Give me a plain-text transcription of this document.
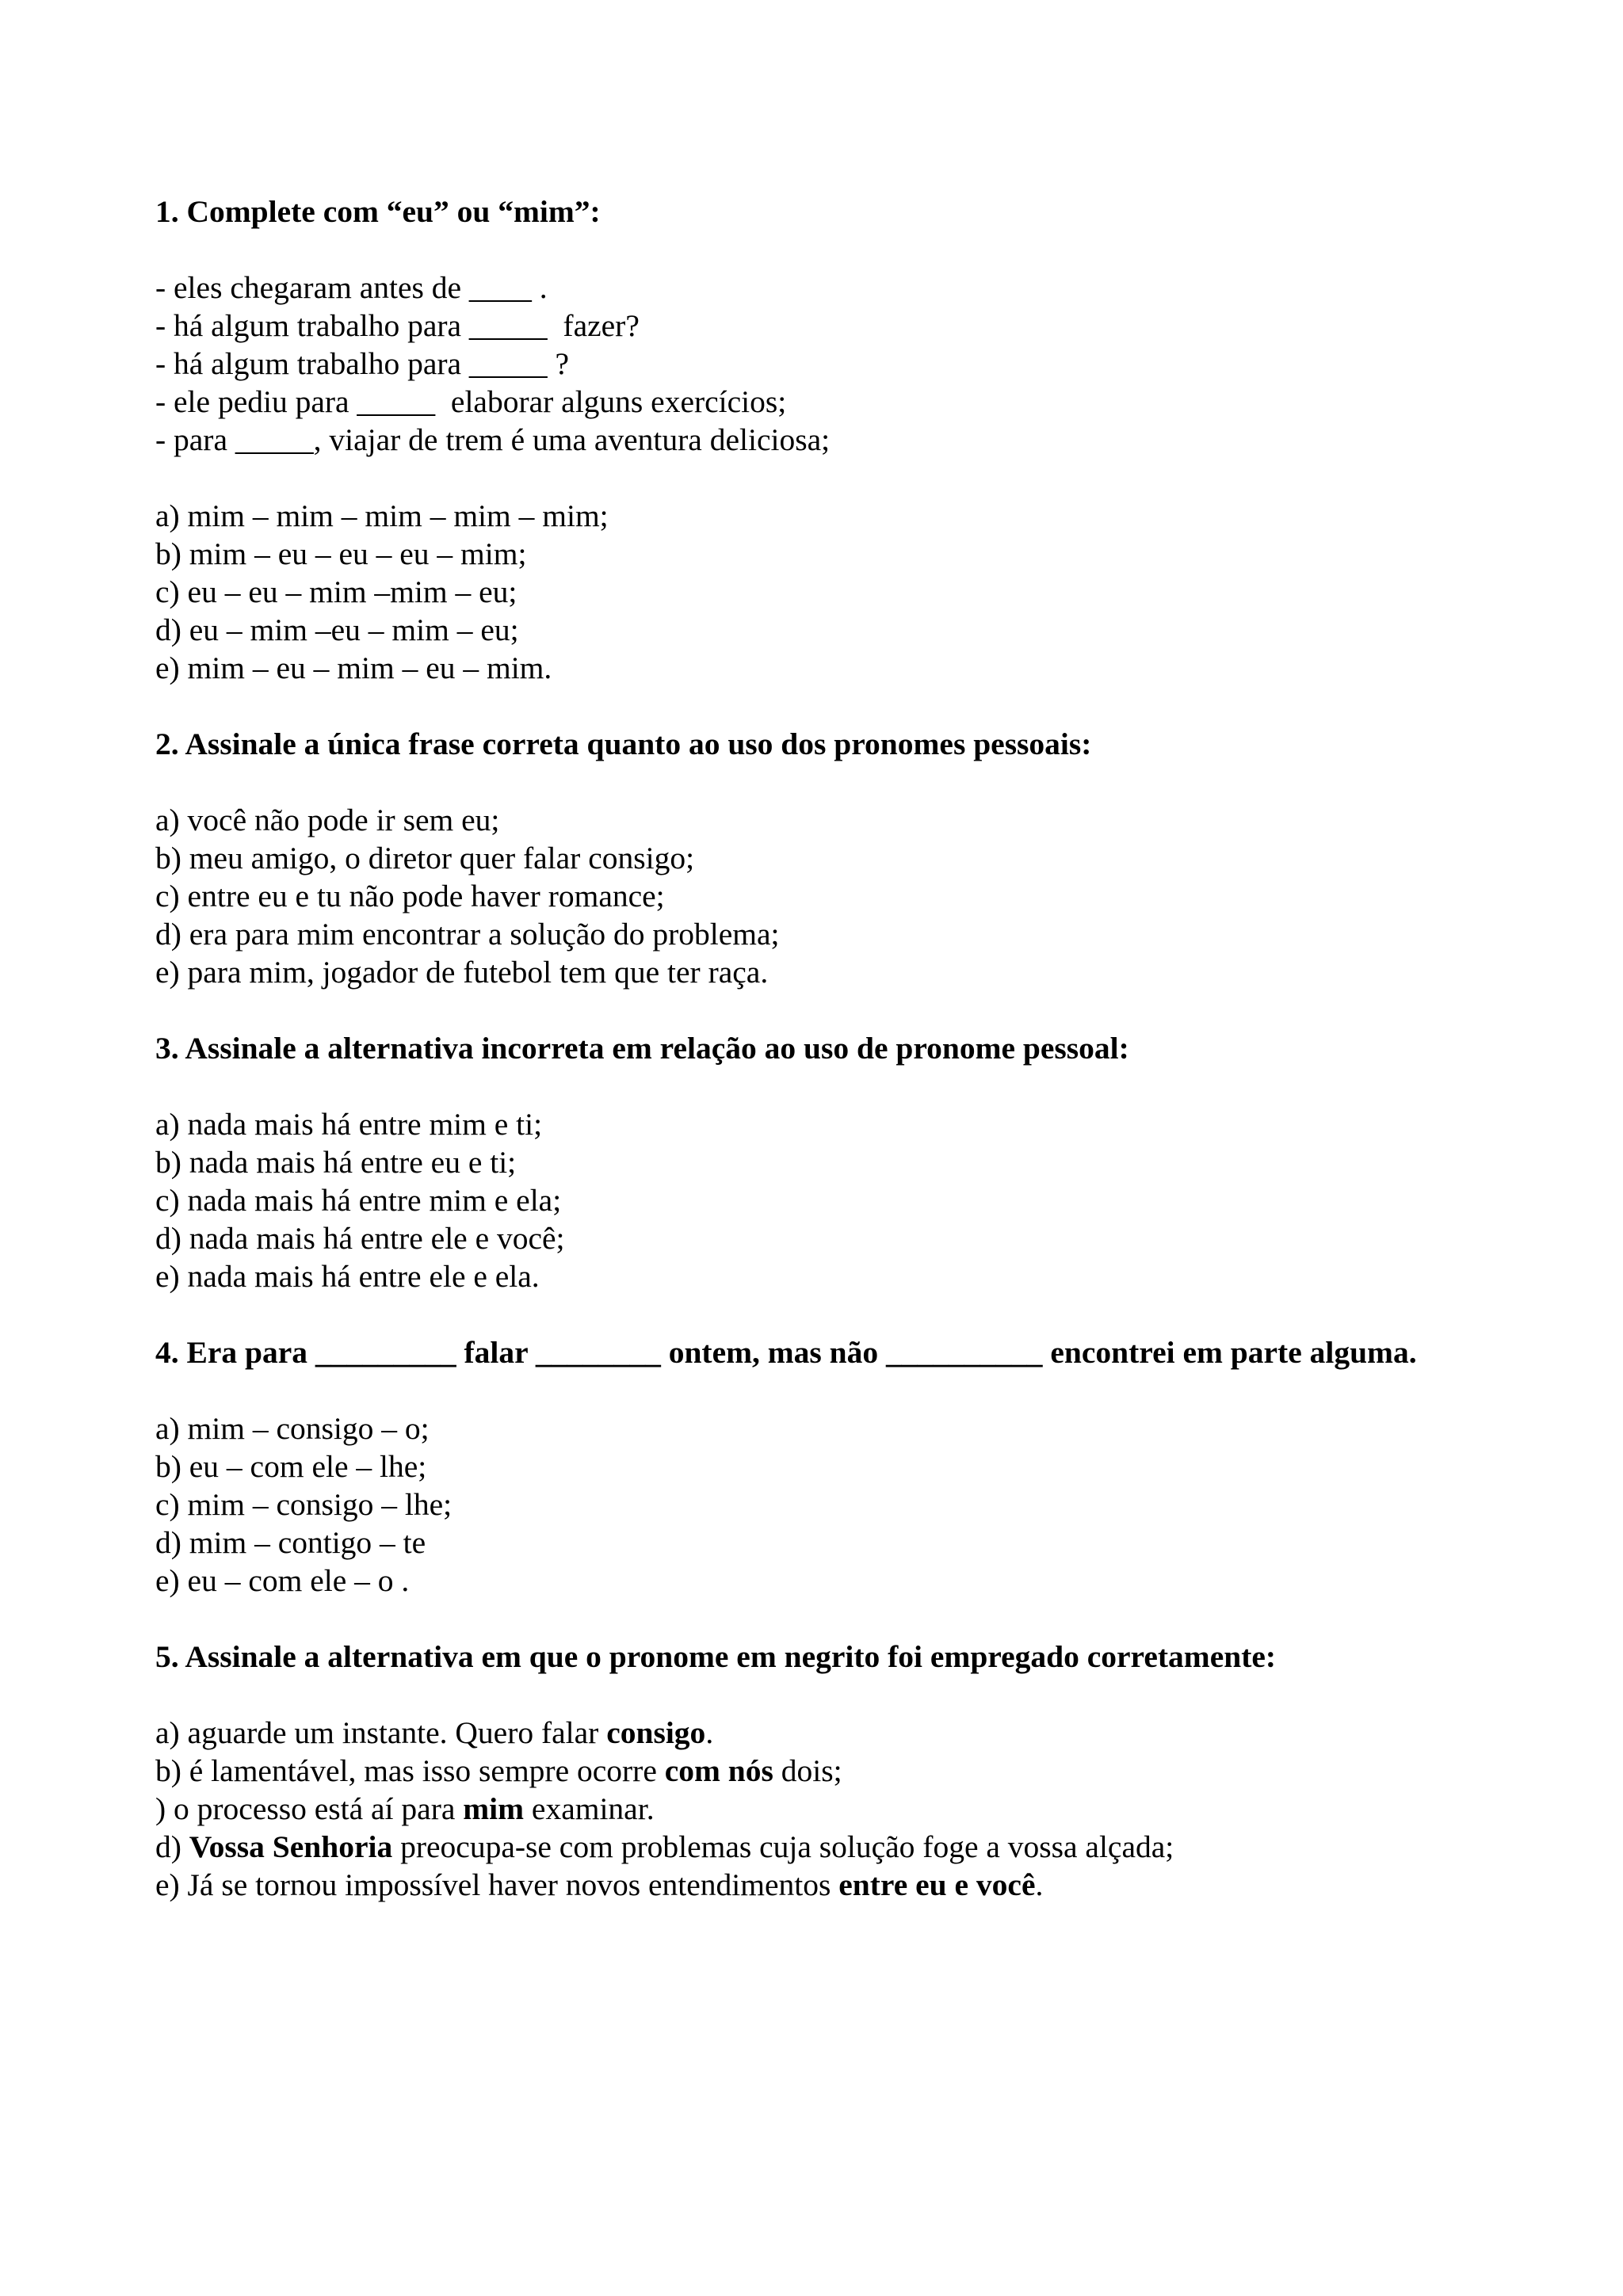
1. Complete com “eu” ou “mim”:
- eles chegaram antes de ____ .
- há algum trabalho para _____  fazer?
- há algum trabalho para _____ ?
- ele pediu para _____  elaborar alguns exercícios;
- para _____, viajar de trem é uma aventura deliciosa;
a) mim – mim – mim – mim – mim;
b) mim – eu – eu – eu – mim;
c) eu – eu – mim –mim – eu;
d) eu – mim –eu – mim – eu;
e) mim – eu – mim – eu – mim.
2. Assinale a única frase correta quanto ao uso dos pronomes pessoais:
a) você não pode ir sem eu;
b) meu amigo, o diretor quer falar consigo;
c) entre eu e tu não pode haver romance;
d) era para mim encontrar a solução do problema;
e) para mim, jogador de futebol tem que ter raça.
3. Assinale a alternativa incorreta em relação ao uso de pronome pessoal:
a) nada mais há entre mim e ti;
b) nada mais há entre eu e ti;
c) nada mais há entre mim e ela;
d) nada mais há entre ele e você;
e) nada mais há entre ele e ela.
4. Era para _________ falar ________ ontem, mas não __________ encontrei em parte alguma.
a) mim – consigo – o;
b) eu – com ele – lhe;
c) mim – consigo – lhe;
d) mim – contigo – te
e) eu – com ele – o .
5. Assinale a alternativa em que o pronome em negrito foi empregado corretamente:
a) aguarde um instante. Quero falar consigo.
b) é lamentável, mas isso sempre ocorre com nós dois;
) o processo está aí para mim examinar.
d) Vossa Senhoria preocupa-se com problemas cuja solução foge a vossa alçada;
e) Já se tornou impossível haver novos entendimentos entre eu e você.
